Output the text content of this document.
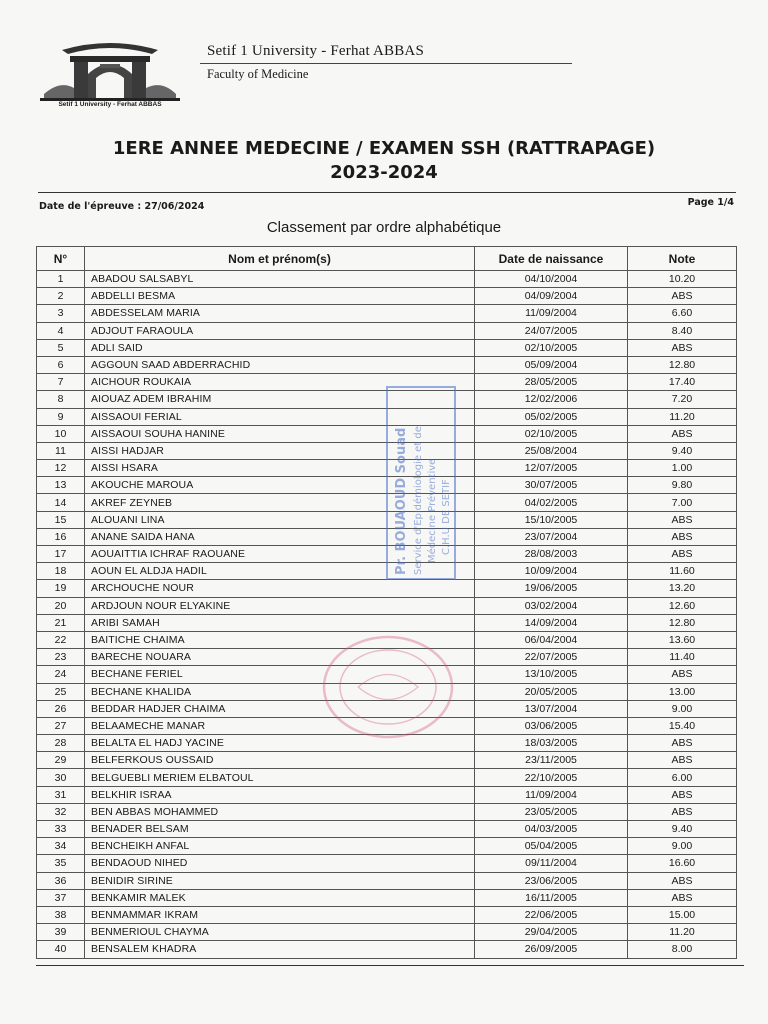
Setif 1 University - Ferhat ABBAS
Faculty of Medicine
Setif 1 University - Ferhat ABBAS
1ERE ANNEE MEDECINE / EXAMEN SSH (RATTRAPAGE)
2023-2024
Date de l'épreuve : 27/06/2024	Page 1/4
Classement par ordre alphabétique
N°	Nom et prénom(s)	Date de naissance	Note
1	ABADOU SALSABYL	04/10/2004	10.20
2	ABDELLI BESMA	04/09/2004	ABS
3	ABDESSELAM MARIA	11/09/2004	6.60
4	ADJOUT FARAOULA	24/07/2005	8.40
5	ADLI SAID	02/10/2005	ABS
6	AGGOUN SAAD ABDERRACHID	05/09/2004	12.80
7	AICHOUR ROUKAIA	28/05/2005	17.40
8	AIOUAZ ADEM IBRAHIM	12/02/2006	7.20
9	AISSAOUI FERIAL	05/02/2005	11.20
10	AISSAOUI SOUHA HANINE	02/10/2005	ABS
11	AISSI HADJAR	25/08/2004	9.40
12	AISSI HSARA	12/07/2005	1.00
13	AKOUCHE MAROUA	30/07/2005	9.80
14	AKREF ZEYNEB	04/02/2005	7.00
15	ALOUANI LINA	15/10/2005	ABS
16	ANANE SAIDA HANA	23/07/2004	ABS
17	AOUAITTIA ICHRAF RAOUANE	28/08/2003	ABS
18	AOUN EL ALDJA HADIL	10/09/2004	11.60
19	ARCHOUCHE NOUR	19/06/2005	13.20
20	ARDJOUN NOUR ELYAKINE	03/02/2004	12.60
21	ARIBI SAMAH	14/09/2004	12.80
22	BAITICHE CHAIMA	06/04/2004	13.60
23	BARECHE NOUARA	22/07/2005	11.40
24	BECHANE FERIEL	13/10/2005	ABS
25	BECHANE KHALIDA	20/05/2005	13.00
26	BEDDAR HADJER CHAIMA	13/07/2004	9.00
27	BELAAMECHE MANAR	03/06/2005	15.40
28	BELALTA EL HADJ YACINE	18/03/2005	ABS
29	BELFERKOUS OUSSAID	23/11/2005	ABS
30	BELGUEBLI MERIEM ELBATOUL	22/10/2005	6.00
31	BELKHIR ISRAA	11/09/2004	ABS
32	BEN ABBAS MOHAMMED	23/05/2005	ABS
33	BENADER BELSAM	04/03/2005	9.40
34	BENCHEIKH ANFAL	05/04/2005	9.00
35	BENDAOUD NIHED	09/11/2004	16.60
36	BENIDIR SIRINE	23/06/2005	ABS
37	BENKAMIR MALEK	16/11/2005	ABS
38	BENMAMMAR IKRAM	22/06/2005	15.00
39	BENMERIOUL CHAYMA	29/04/2005	11.20
40	BENSALEM KHADRA	26/09/2005	8.00
Pr. BOUAOUD Souad Service d'Epidémiologie et de Médecine Préventive C.H.U DE SETIF
